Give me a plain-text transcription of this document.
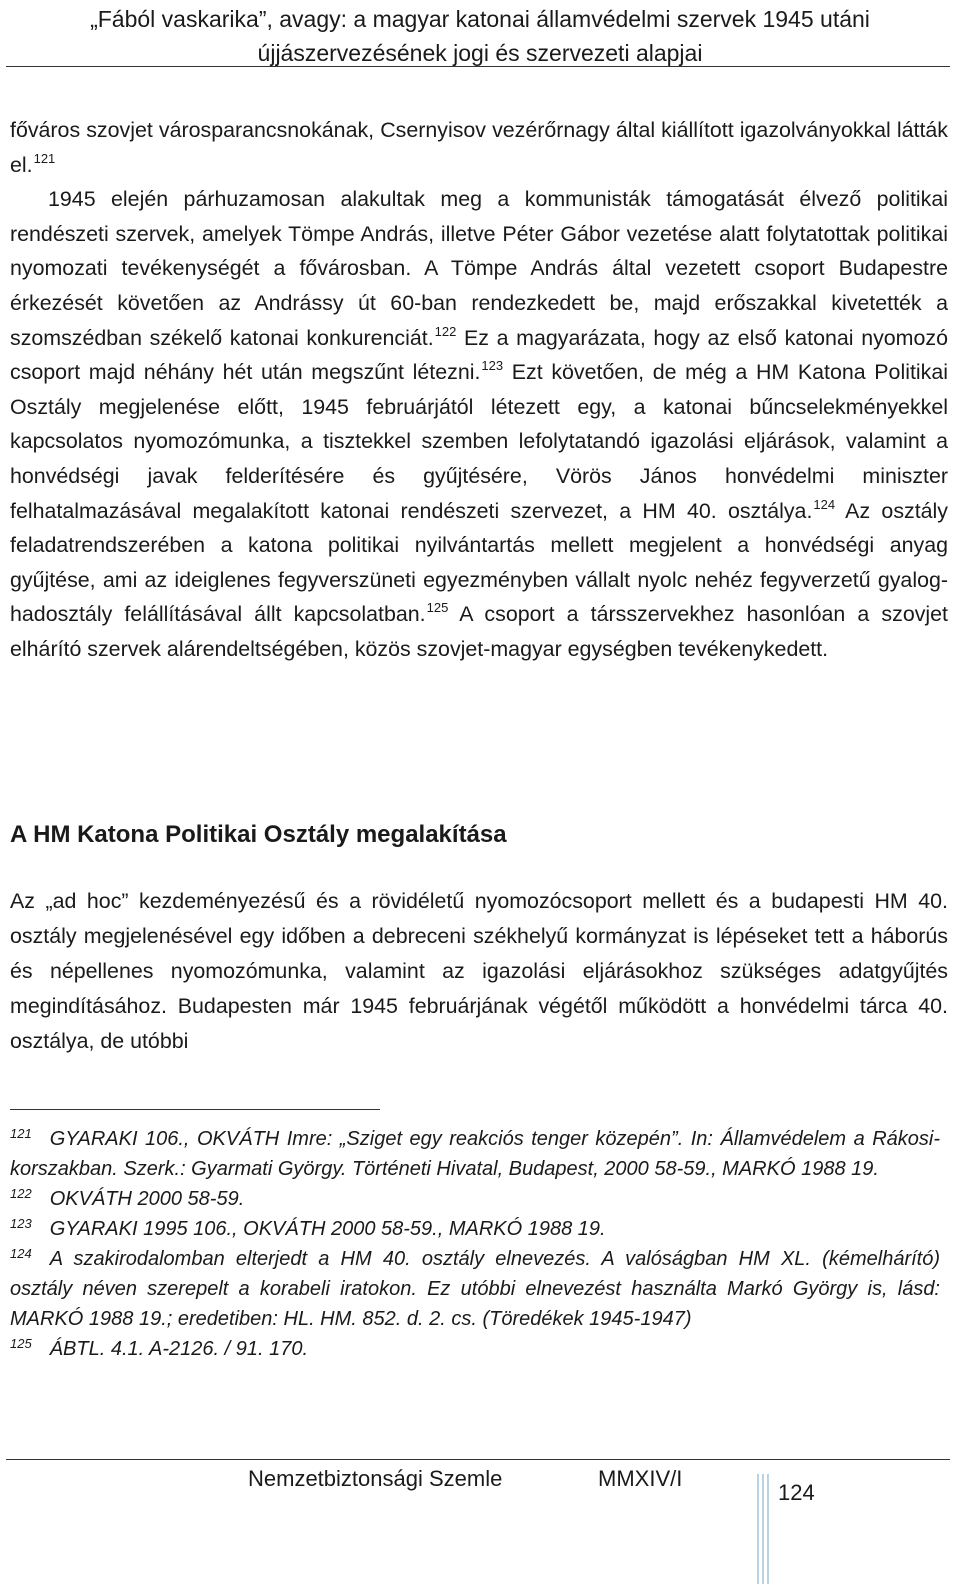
„Fából vaskarika”, avagy: a magyar katonai államvédelmi szervek 1945 utáni
újjászervezésének jogi és szervezeti alapjai

főváros szovjet városparancsnokának, Csernyisov vezérőrnagy által kiállított igazolványokkal látták el.$^{121}$

1945 elején párhuzamosan alakultak meg a kommunisták támogatását élvező politikai rendészeti szervek, amelyek Tömpe András, illetve Péter Gábor vezetése alatt folytatottak politikai nyomozati tevékenységét a fővárosban. A Tömpe András által vezetett csoport Budapestre érkezését követően az Andrássy út 60-ban rendezkedett be, majd erőszakkal kivetették a szomszédban székelő katonai konkurenciát.$^{122}$ Ez a magyarázata, hogy az első katonai nyomozó csoport majd néhány hét után megszűnt létezni.$^{123}$ Ezt követően, de még a HM Katona Politikai Osztály megjelenése előtt, 1945 februárjától létezett egy, a katonai bűncselekményekkel kapcsolatos nyomozómunka, a tisztekkel szemben lefolytatandó igazolási eljárások, valamint a honvédségi javak felderítésére és gyűjtésére, Vörös János honvédelmi miniszter felhatalmazásával megalakított katonai rendészeti szervezet, a HM 40. osztálya.$^{124}$ Az osztály feladatrendszerében a katona politikai nyilvántartás mellett megjelent a honvédségi anyag gyűjtése, ami az ideiglenes fegyverszüneti egyezményben vállalt nyolc nehéz fegyverzetű gyaloghadosztály felállításával állt kapcsolatban.$^{125}$ A csoport a társszervekhez hasonlóan a szovjet elhárító szervek alárendeltségében, közös szovjet-magyar egységben tevékenykedett.

A HM Katona Politikai Osztály megalakítása

Az „ad hoc” kezdeményezésű és a rövidéletű nyomozócsoport mellett és a budapesti HM 40. osztály megjelenésével egy időben a debreceni székhelyű kormányzat is lépéseket tett a háborús és népellenes nyomozómunka, valamint az igazolási eljárásokhoz szükséges adatgyűjtés megindításához. Budapesten már 1945 februárjának végétől működött a honvédelmi tárca 40. osztálya, de utóbbi

$^{121}$ GYARAKI 106., OKVÁTH Imre: „Sziget egy reakciós tenger közepén”. In: Államvédelem a Rákosi-korszakban. Szerk.: Gyarmati György. Történeti Hivatal, Budapest, 2000 58-59., MARKÓ 1988 19.

$^{122}$ OKVÁTH 2000 58-59.

$^{123}$ GYARAKI 1995 106., OKVÁTH 2000 58-59., MARKÓ 1988 19.

$^{124}$ A szakirodalomban elterjedt a HM 40. osztály elnevezés. A valóságban HM XL. (kémelhárító) osztály néven szerepelt a korabeli iratokon. Ez utóbbi elnevezést használta Markó György is, lásd: MARKÓ 1988 19.; eredetiben: HL. HM. 852. d. 2. cs. (Töredékek 1945-1947)

$^{125}$ ÁBTL. 4.1. A-2126. / 91. 170.

Nemzetbiztonsági Szemle	MMXIV/I
124
